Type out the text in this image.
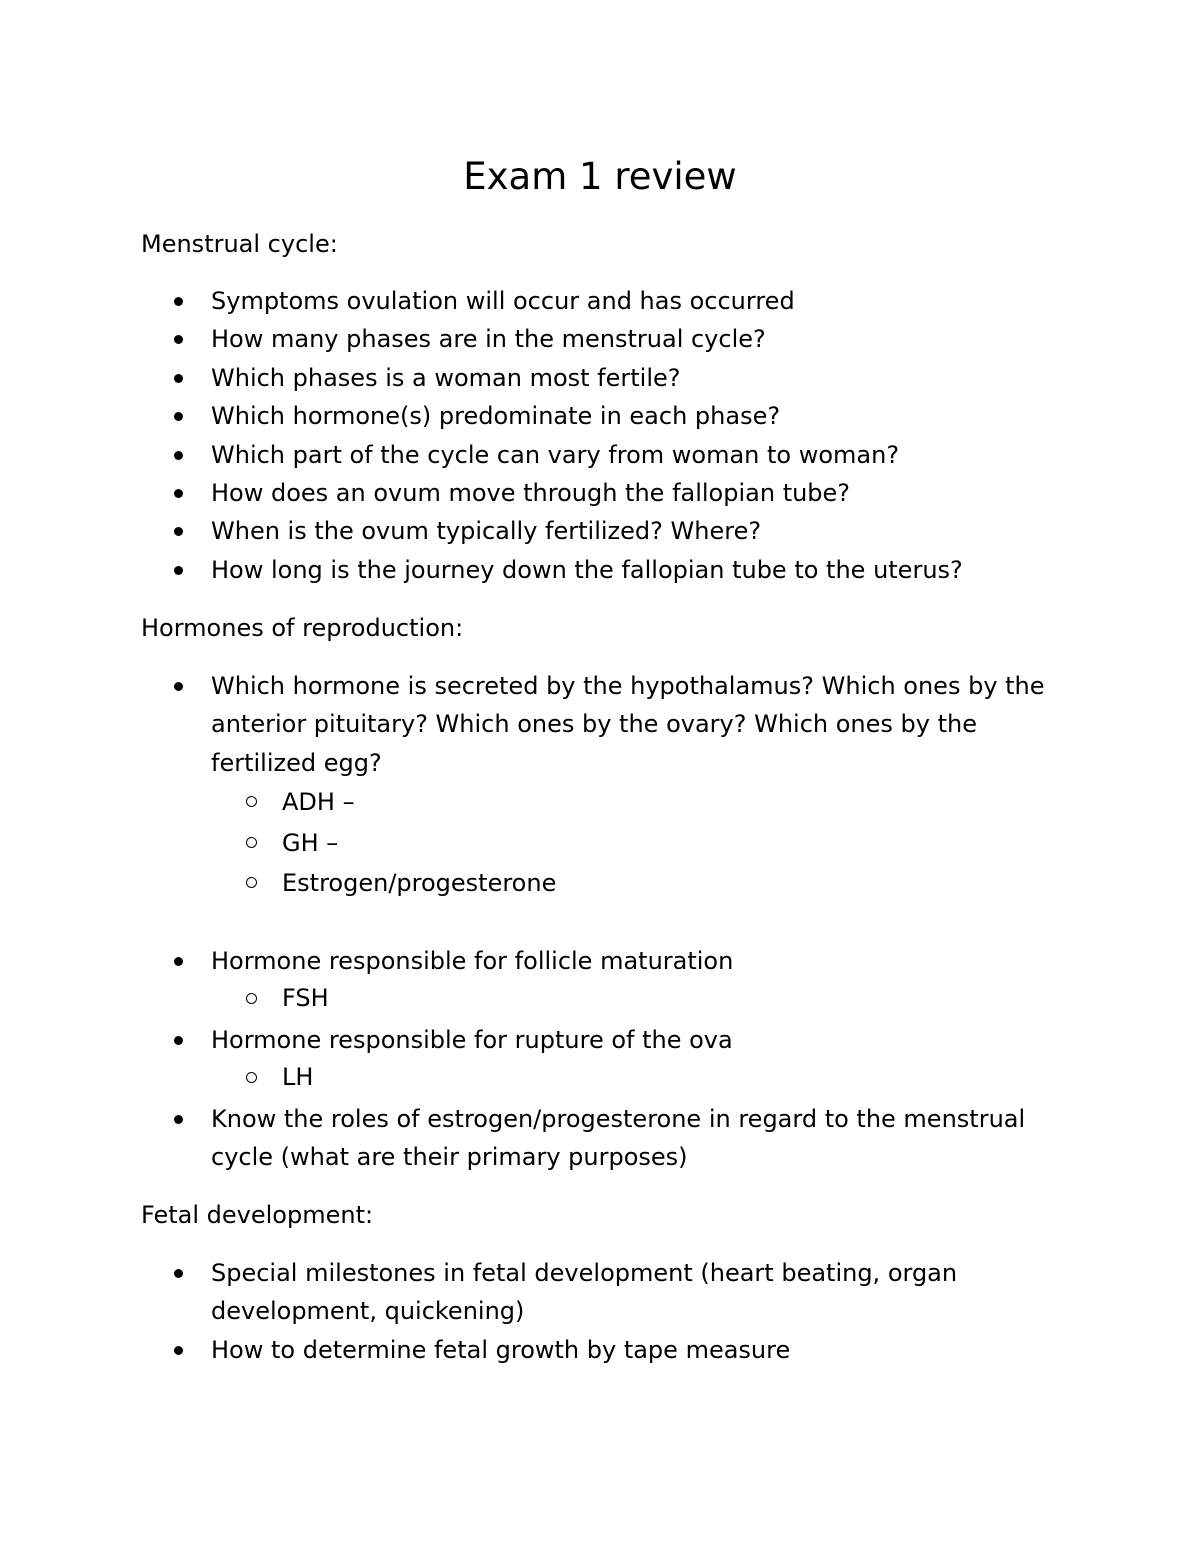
Exam 1 review

Menstrual cycle:

Symptoms ovulation will occur and has occurred
How many phases are in the menstrual cycle?
Which phases is a woman most fertile?
Which hormone(s) predominate in each phase?
Which part of the cycle can vary from woman to woman?
How does an ovum move through the fallopian tube?
When is the ovum typically fertilized? Where?
How long is the journey down the fallopian tube to the uterus?

Hormones of reproduction:

Which hormone is secreted by the hypothalamus? Which ones by the anterior pituitary? Which ones by the ovary? Which ones by the fertilized egg?
ADH –
GH –
Estrogen/progesterone
Hormone responsible for follicle maturation
FSH
Hormone responsible for rupture of the ova
LH
Know the roles of estrogen/progesterone in regard to the menstrual cycle (what are their primary purposes)

Fetal development:

Special milestones in fetal development (heart beating, organ development, quickening)
How to determine fetal growth by tape measure
